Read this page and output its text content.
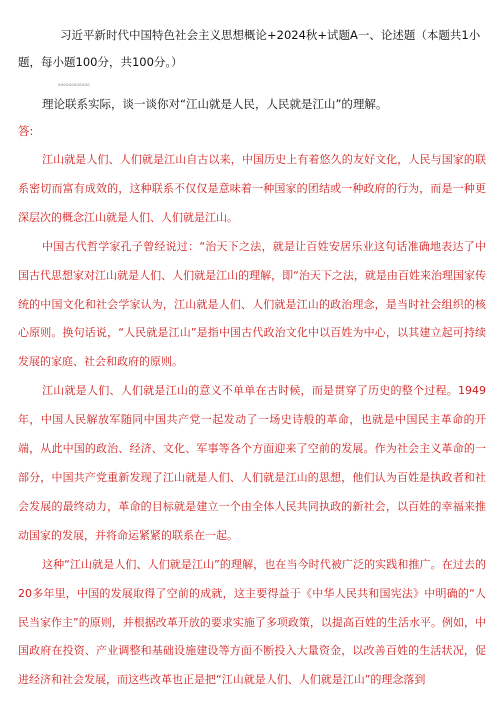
习近平新时代中国特色社会主义思想概论+2024秋+试题A一、论述题（本题共1小题，每小题100分，共100分。）

oooooooooooo

理论联系实际，谈一谈你对“江山就是人民，人民就是江山”的理解。

答:

江山就是人们、人们就是江山自古以来，中国历史上有着悠久的友好文化，人民与国家的联系密切而富有成效的，这种联系不仅仅是意味着一种国家的团结或一种政府的行为，而是一种更深层次的概念江山就是人们、人们就是江山。

中国古代哲学家孔子曾经说过：“治天下之法，就是让百姓安居乐业这句话准确地表达了中国古代思想家对江山就是人们、人们就是江山的理解，即“治天下之法，就是由百姓来治理国家传统的中国文化和社会学家认为，江山就是人们、人们就是江山的政治理念，是当时社会组织的核心原则。换句话说，“人民就是江山”是指中国古代政治文化中以百姓为中心，以其建立起可持续发展的家庭、社会和政府的原则。

江山就是人们、人们就是江山的意义不单单在古时候，而是贯穿了历史的整个过程。1949年，中国人民解放军随同中国共产党一起发动了一场史诗般的革命，也就是中国民主革命的开端，从此中国的政治、经济、文化、军事等各个方面迎来了空前的发展。作为社会主义革命的一部分，中国共产党重新发现了江山就是人们、人们就是江山的思想，他们认为百姓是执政者和社会发展的最终动力，革命的目标就是建立一个由全体人民共同执政的新社会，以百姓的幸福来推动国家的发展，并将命运紧紧的联系在一起。

这种“江山就是人们、人们就是江山”的理解，也在当今时代被广泛的实践和推广。在过去的20多年里，中国的发展取得了空前的成就，这主要得益于《中华人民共和国宪法》中明确的“人民当家作主”的原则，并根据改革开放的要求实施了多项政策，以提高百姓的生活水平。例如，中国政府在投资、产业调整和基础设施建设等方面不断投入大量资金，以改善百姓的生活状况，促进经济和社会发展，而这些改革也正是把“江山就是人们、人们就是江山”的理念落到
